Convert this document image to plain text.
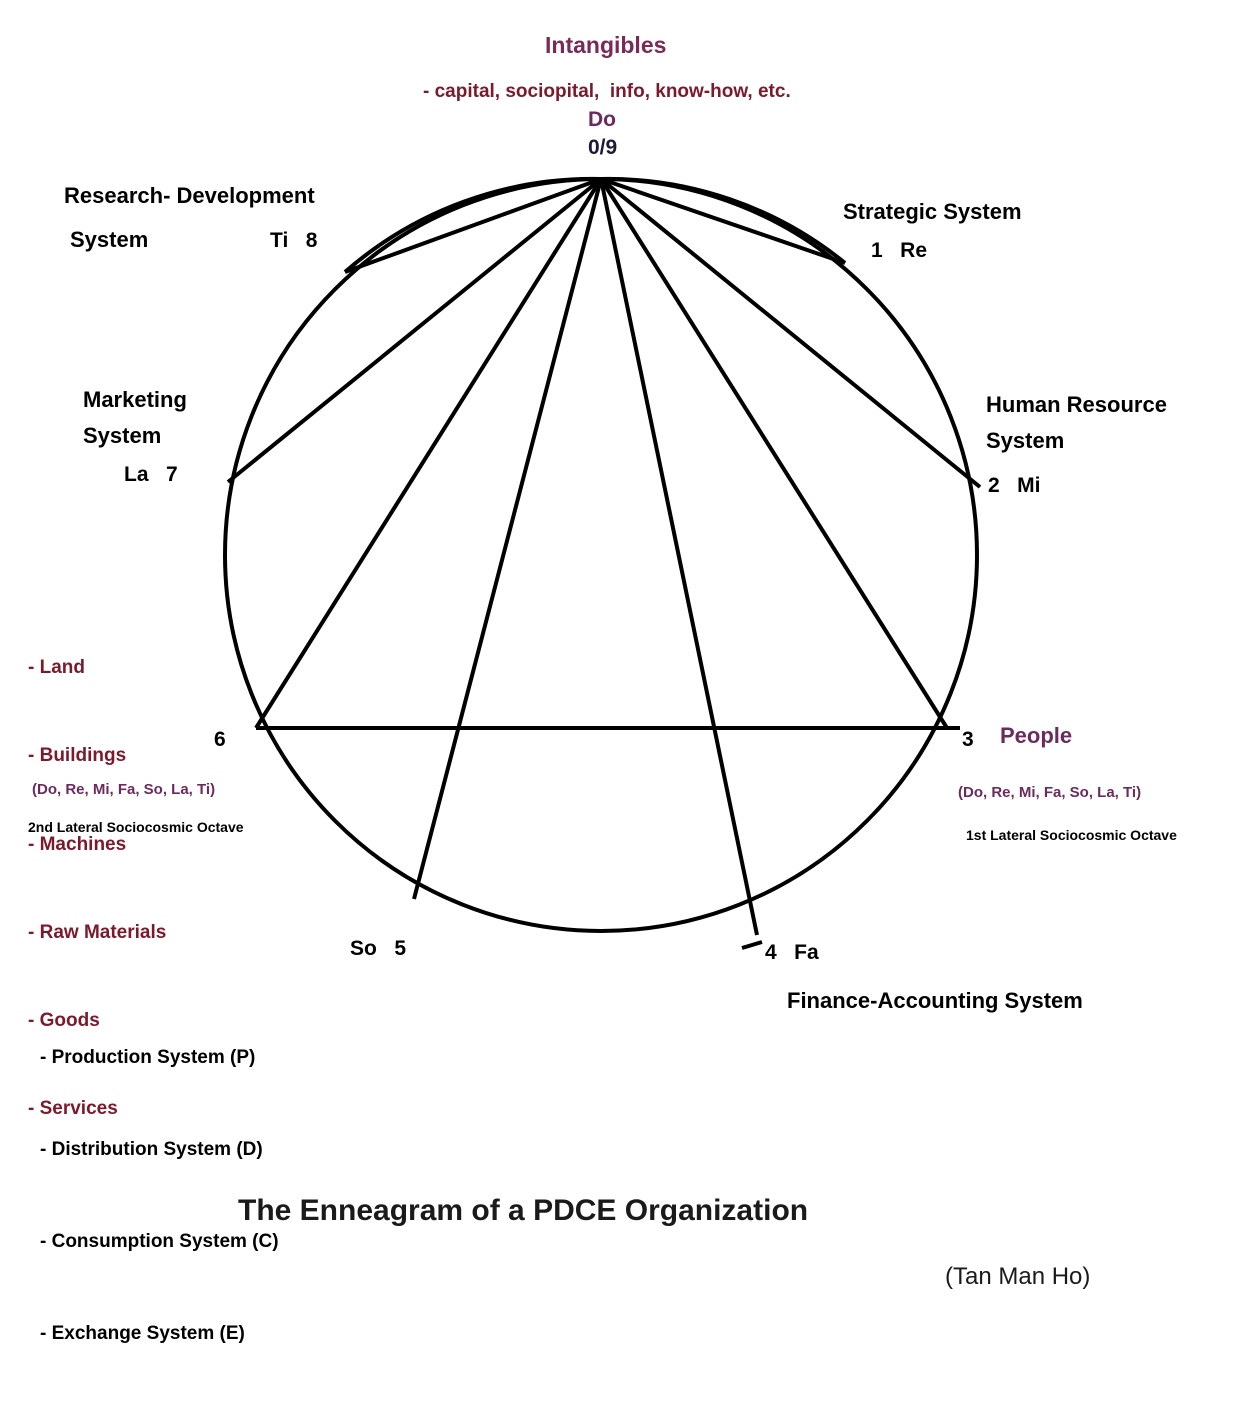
Intangibles
- capital, sociopital,  info, know-how, etc.
Do
0/9
Research- Development
System	Ti   8
Strategic System
1   Re
Marketing
System
La   7
Human Resource
System
2   Mi

- Land

- Buildings

- Machines

- Raw Materials

- Goods

- Services

6
(Do, Re, Mi, Fa, So, La, Ti)
2nd Lateral Sociocosmic Octave
3 People
(Do, Re, Mi, Fa, So, La, Ti)
1st Lateral Sociocosmic Octave
So   5	4   Fa
Finance-Accounting System

- Production System (P)

- Distribution System (D)

- Consumption System (C)

- Exchange System (E)

The Enneagram of a PDCE Organization
(Tan Man Ho)
